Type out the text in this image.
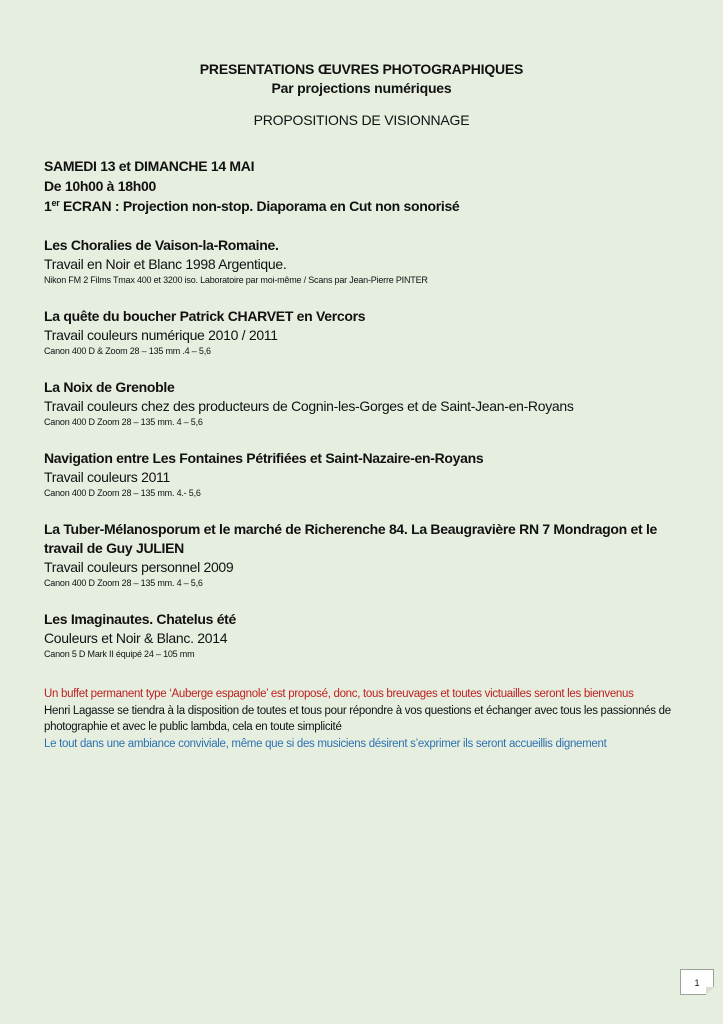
PRESENTATIONS ŒUVRES PHOTOGRAPHIQUES
Par projections numériques
PROPOSITIONS DE VISIONNAGE
SAMEDI 13 et DIMANCHE 14 MAI
De 10h00 à 18h00
1er ECRAN : Projection non-stop. Diaporama en Cut non sonorisé
Les Choralies de Vaison-la-Romaine.
Travail en Noir et Blanc 1998 Argentique.
Nikon FM 2 Films Tmax 400 et 3200 iso. Laboratoire par moi-même / Scans par Jean-Pierre PINTER
La quête du boucher Patrick CHARVET en Vercors
Travail couleurs numérique 2010 / 2011
Canon 400 D & Zoom 28 – 135 mm .4 – 5,6
La Noix de Grenoble
Travail couleurs chez des producteurs de Cognin-les-Gorges et de Saint-Jean-en-Royans
Canon 400 D Zoom 28 – 135 mm. 4 – 5,6
Navigation entre Les Fontaines Pétrifiées et Saint-Nazaire-en-Royans
Travail couleurs 2011
Canon 400 D Zoom 28 – 135 mm. 4.- 5,6
La Tuber-Mélanosporum et le marché de Richerenche 84. La Beaugravière RN 7 Mondragon et le travail de Guy JULIEN
Travail couleurs personnel 2009
Canon 400 D Zoom 28 – 135 mm. 4 – 5,6
Les Imaginautes. Chatelus été
Couleurs et Noir & Blanc. 2014
Canon 5 D Mark II équipé 24 – 105 mm
Un buffet permanent type ‘Auberge espagnole’ est proposé, donc, tous breuvages et toutes victuailles seront les bienvenus
Henri Lagasse se tiendra à la disposition de toutes et tous pour répondre à vos questions et échanger avec tous les passionnés de photographie et avec le public lambda, cela en toute simplicité
Le tout dans une ambiance conviviale, même que si des musiciens désirent s’exprimer ils seront accueillis dignement
1
